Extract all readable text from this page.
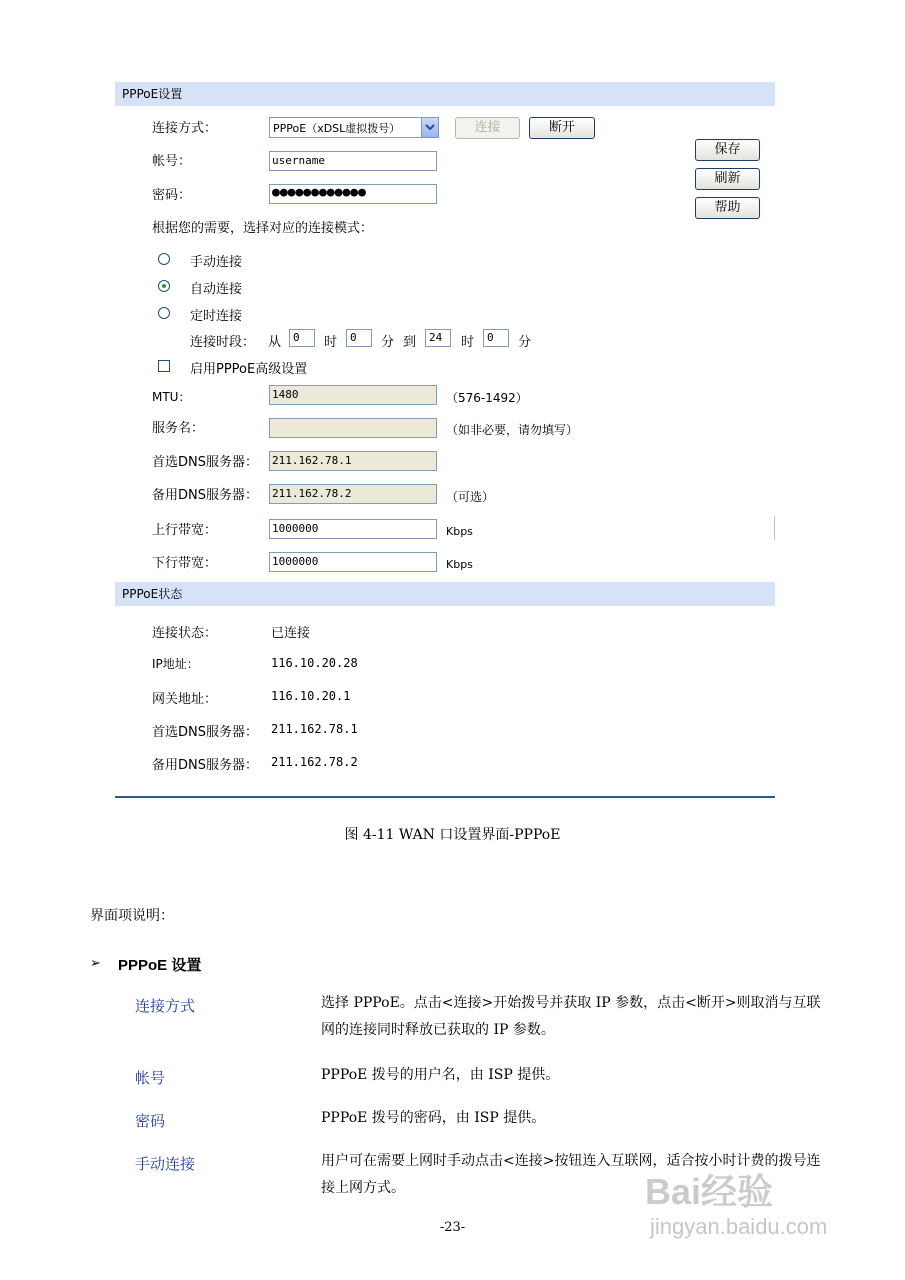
PPPoE设置
连接方式：	PPPoE（xDSL虚拟拨号）	连接	断开
保存
刷新
帮助
帐号：	username
密码：	●●●●●●●●●●●●
根据您的需要，选择对应的连接模式：
手动连接
自动连接
定时连接
连接时段： 从	0	时	0	分 到	24	时	0	分
启用PPPoE高级设置
MTU：	1480	（576-1492）
服务名：	（如非必要，请勿填写）
首选DNS服务器： 211.162.78.1
备用DNS服务器： 211.162.78.2	（可选）
上行带宽：	1000000	Kbps
下行带宽：	1000000	Kbps
PPPoE状态
连接状态：	已连接
IP地址：	116.10.20.28
网关地址：	116.10.20.1
首选DNS服务器： 211.162.78.1
备用DNS服务器： 211.162.78.2
图 4-11 WAN 口设置界面-PPPoE
界面项说明：
➢ PPPoE 设置
连接方式	选择 PPPoE。点击<连接>开始拨号并获取 IP 参数，点击<断开>则取消与互联网的连接同时释放已获取的 IP 参数。
帐号	PPPoE 拨号的用户名，由 ISP 提供。
密码	PPPoE 拨号的密码，由 ISP 提供。
手动连接	用户可在需要上网时手动点击<连接>按钮连入互联网，适合按小时计费的拨号连接上网方式。
-23-
Bai经验
jingyan.baidu.com
